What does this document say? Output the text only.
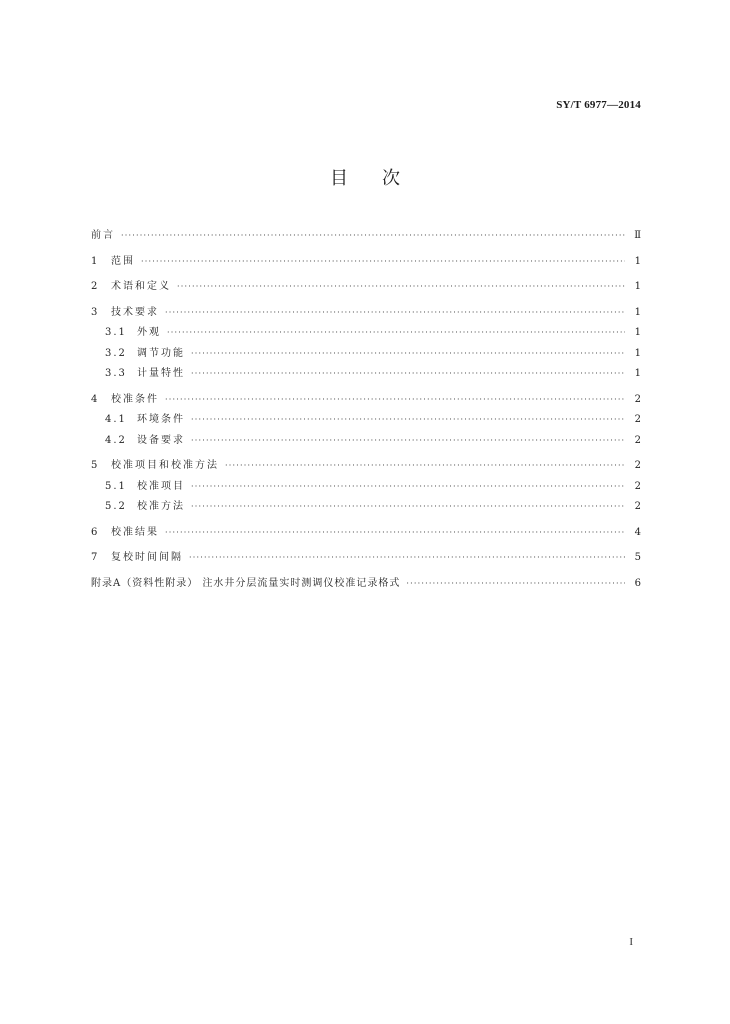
SY/T 6977—2014
目次
前言 ·····	Ⅱ
1	范围 ·····	1
2	术语和定义 ·····	1
3	技术要求 ·····	1
3.1	外观 ·····	1
3.2	调节功能 ·····	1
3.3	计量特性 ·····	1
4	校准条件 ·····	2
4.1	环境条件 ·····	2
4.2	设备要求 ·····	2
5	校准项目和校准方法 ·····	2
5.1	校准项目 ·····	2
5.2	校准方法 ·····	2
6	校准结果 ·····	4
7	复校时间间隔 ·····	5
附录A（资料性附录） 注水井分层流量实时测调仪校准记录格式 ·····	6
I
